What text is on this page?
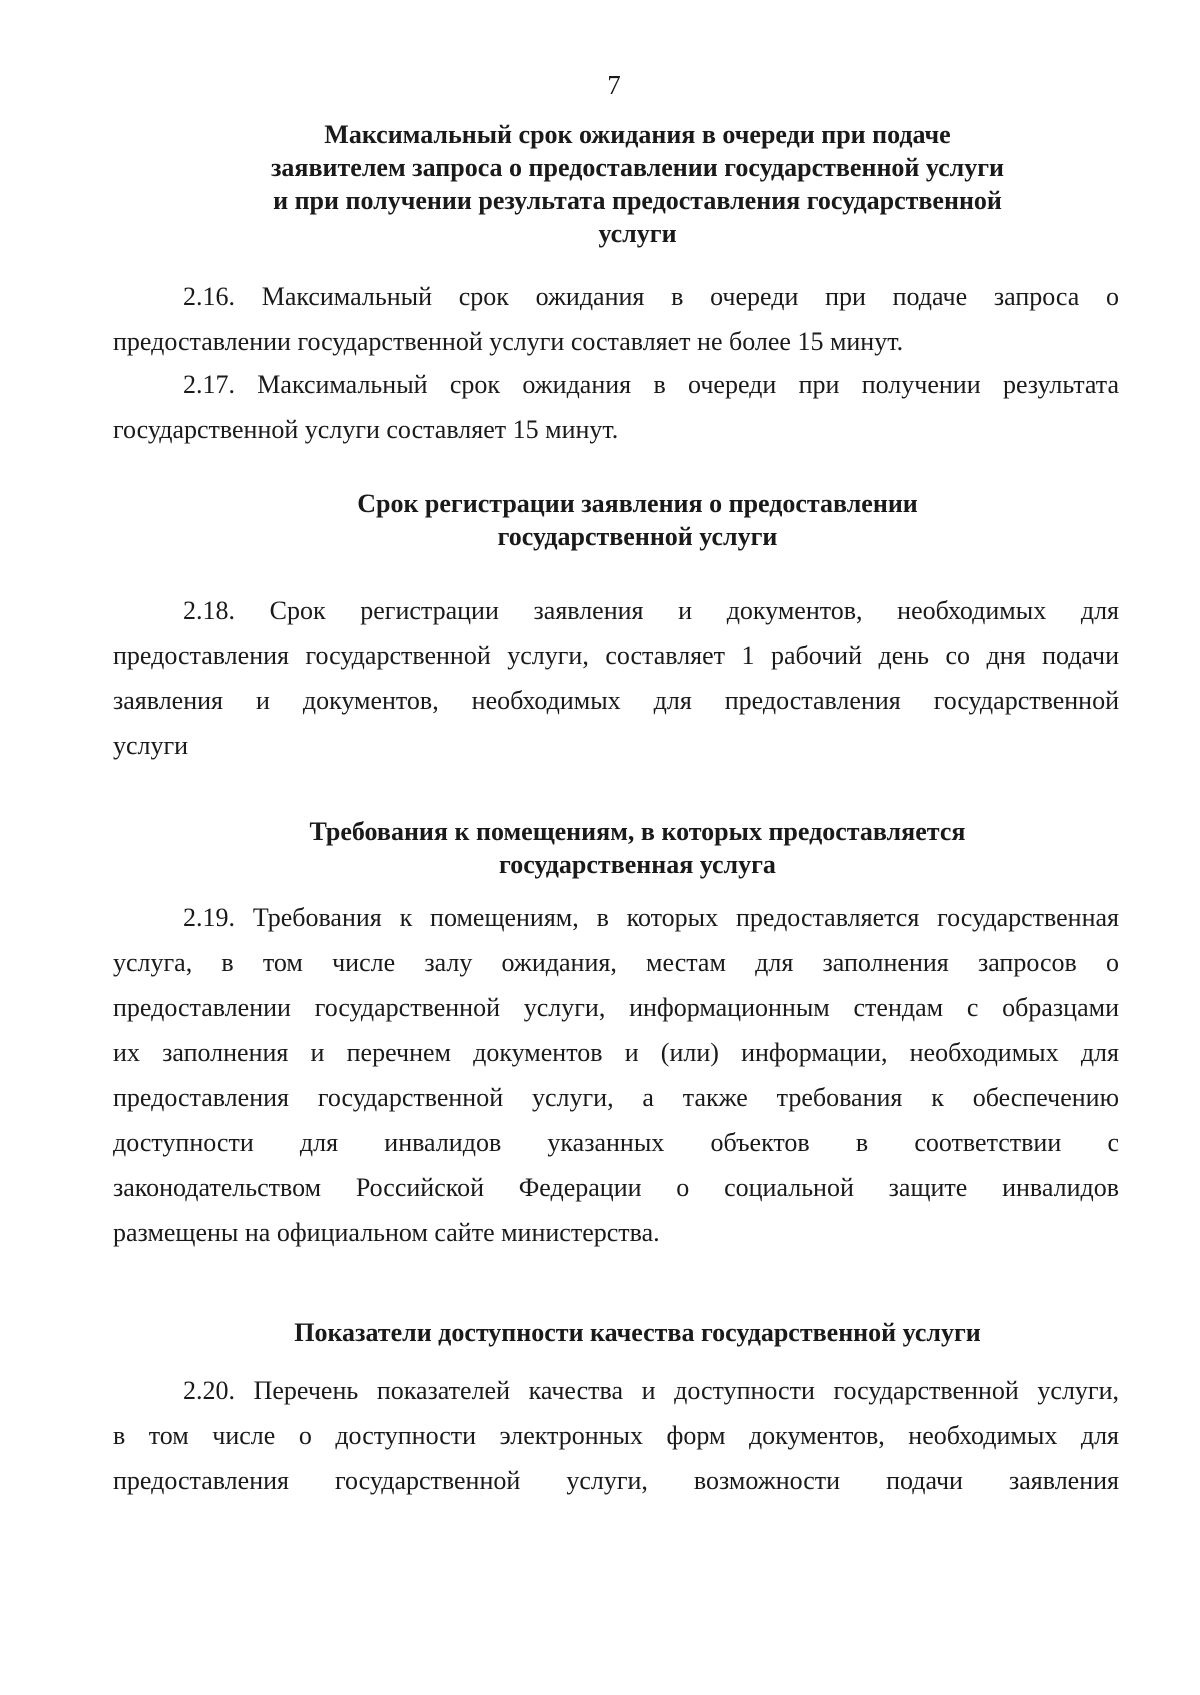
7
Максимальный срок ожидания в очереди при подаче
заявителем запроса о предоставлении государственной услуги
и при получении результата предоставления государственной
услуги
2.16. Максимальный срок ожидания в очереди при подаче запроса о
предоставлении государственной услуги составляет не более 15 минут.
2.17. Максимальный срок ожидания в очереди при получении результата
государственной услуги составляет 15 минут.
Срок регистрации заявления о предоставлении
государственной услуги
2.18. Срок регистрации заявления и документов, необходимых для
предоставления государственной услуги, составляет 1 рабочий день со дня подачи
заявления и документов, необходимых для предоставления государственной
услуги
Требования к помещениям, в которых предоставляется
государственная услуга
2.19. Требования к помещениям, в которых предоставляется государственная
услуга, в том числе залу ожидания, местам для заполнения запросов о
предоставлении государственной услуги, информационным стендам с образцами
их заполнения и перечнем документов и (или) информации, необходимых для
предоставления государственной услуги, а также требования к обеспечению
доступности для инвалидов указанных объектов в соответствии с
законодательством Российской Федерации о социальной защите инвалидов
размещены на официальном сайте министерства.
Показатели доступности качества государственной услуги
2.20. Перечень показателей качества и доступности государственной услуги,
в том числе о доступности электронных форм документов, необходимых для
предоставления государственной услуги, возможности подачи заявления
